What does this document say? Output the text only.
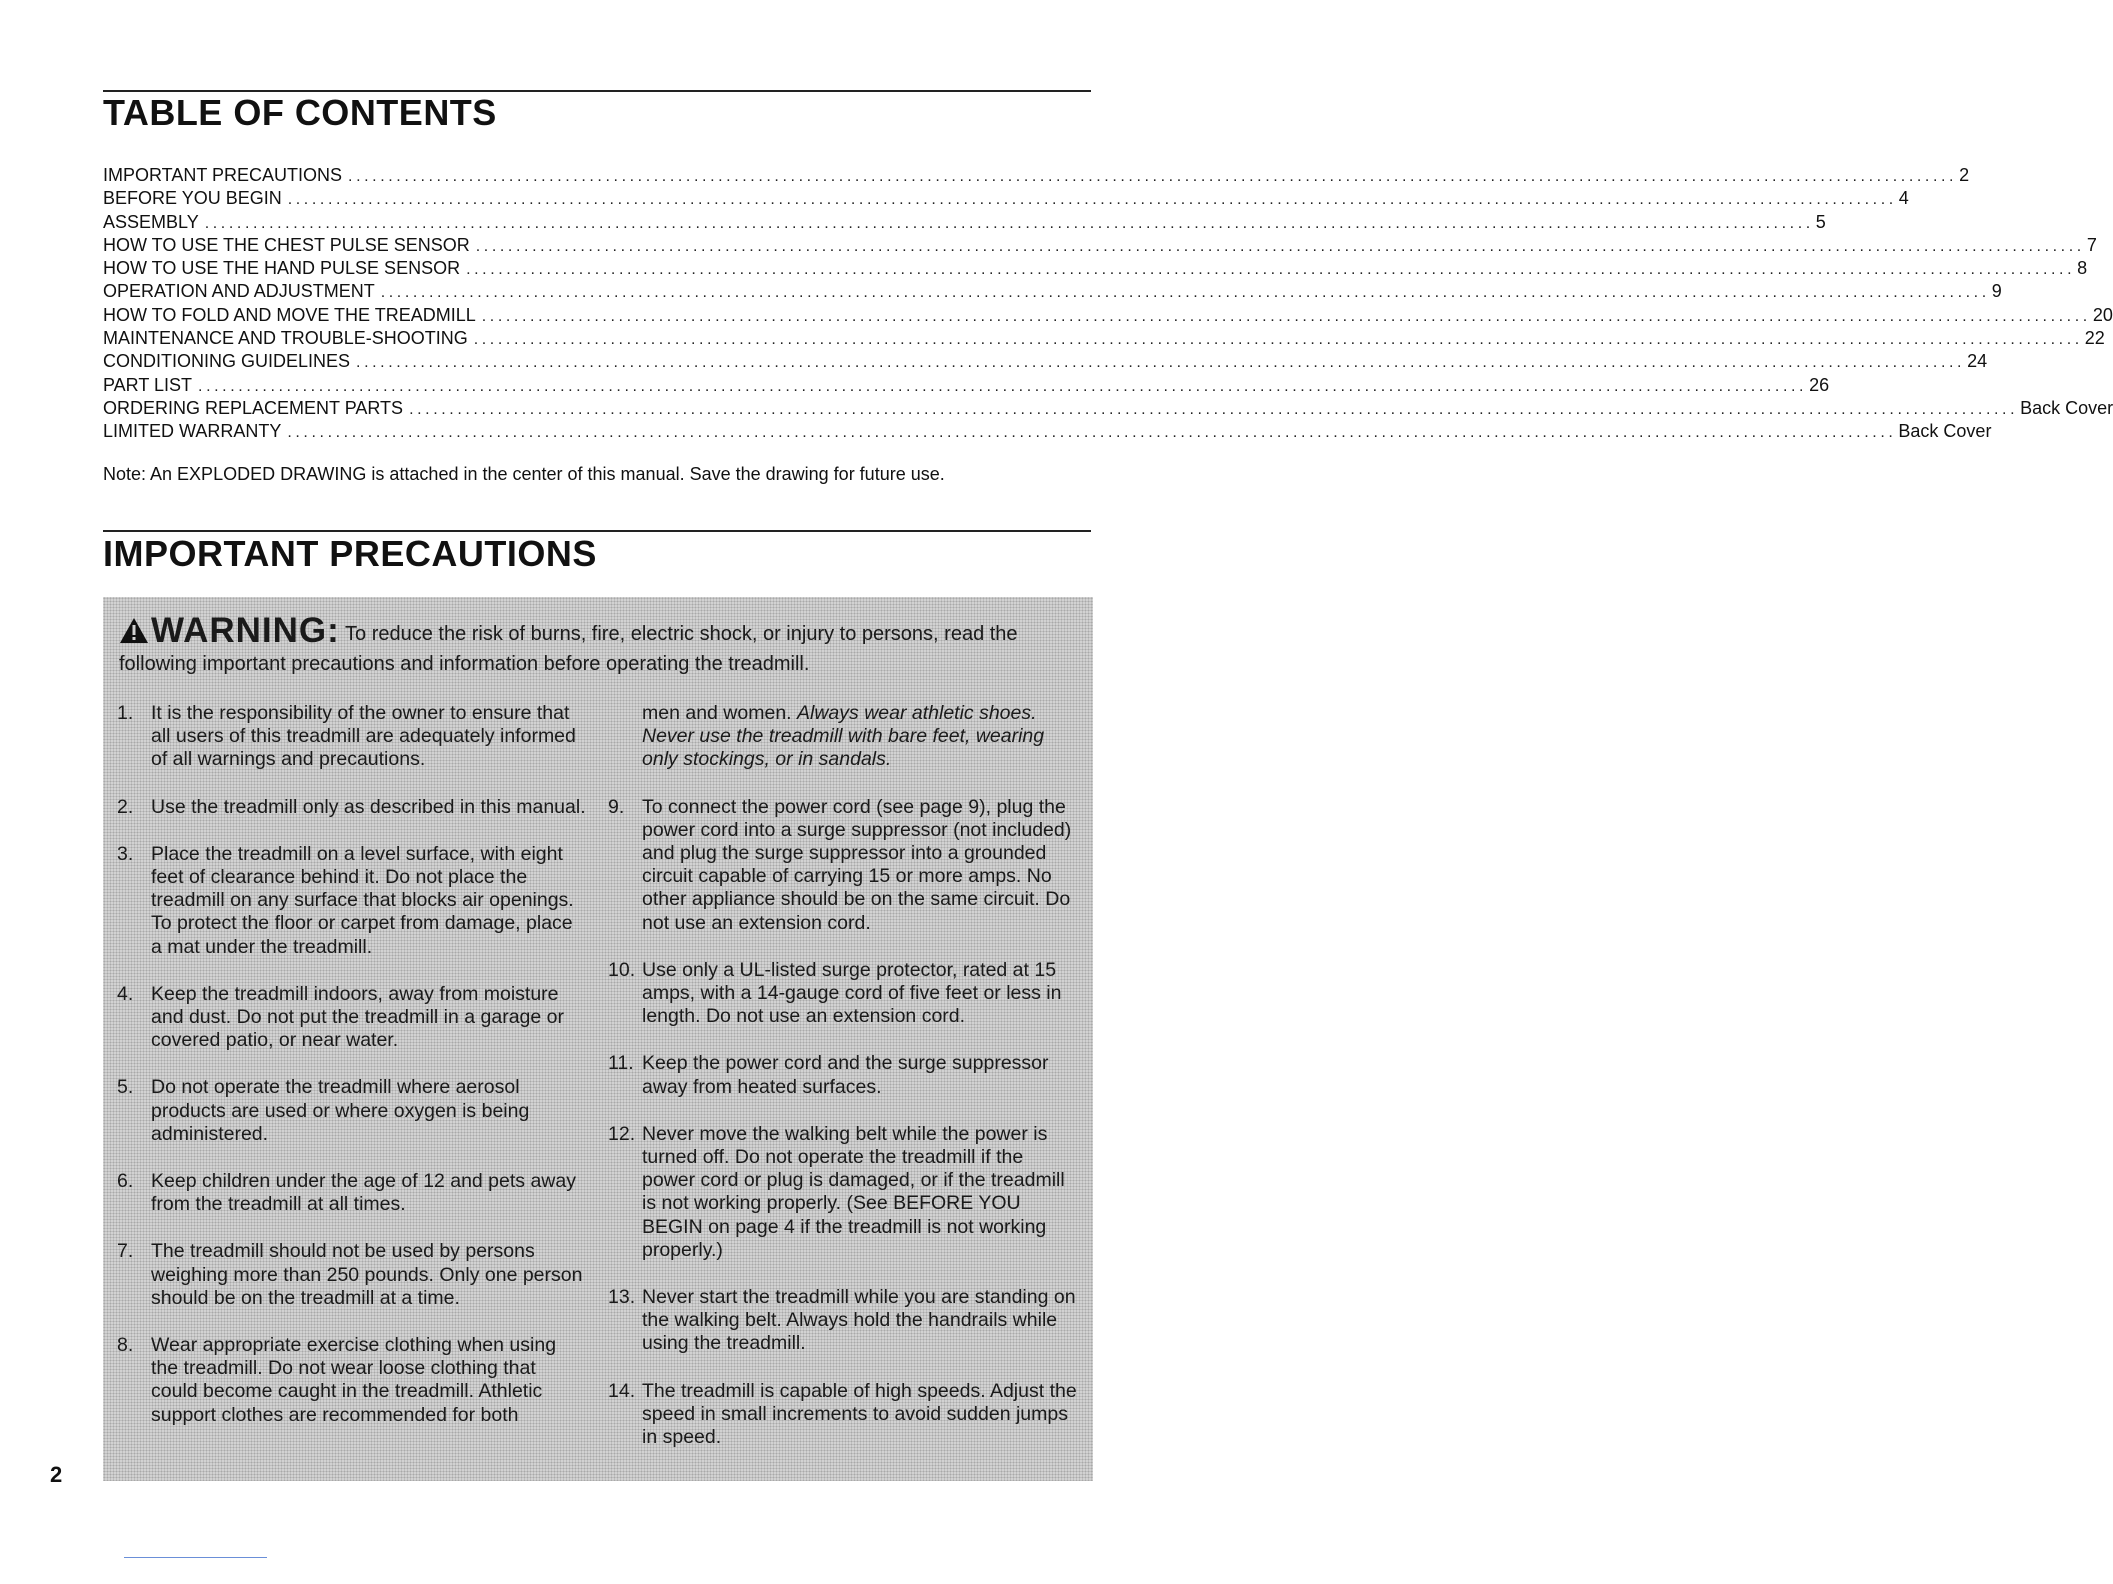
TABLE OF CONTENTS
IMPORTANT PRECAUTIONS ........................................................................................................................................................................................................ 2
BEFORE YOU BEGIN ........................................................................................................................................................................................................ 4
ASSEMBLY ........................................................................................................................................................................................................ 5
HOW TO USE THE CHEST PULSE SENSOR ........................................................................................................................................................................................................ 7
HOW TO USE THE HAND PULSE SENSOR ........................................................................................................................................................................................................ 8
OPERATION AND ADJUSTMENT ........................................................................................................................................................................................................ 9
HOW TO FOLD AND MOVE THE TREADMILL ........................................................................................................................................................................................................ 20
MAINTENANCE AND TROUBLE-SHOOTING ........................................................................................................................................................................................................ 22
CONDITIONING GUIDELINES ........................................................................................................................................................................................................ 24
PART LIST ........................................................................................................................................................................................................ 26
ORDERING REPLACEMENT PARTS ........................................................................................................................................................................................................ Back Cover
LIMITED WARRANTY ........................................................................................................................................................................................................ Back Cover
Note: An EXPLODED DRAWING is attached in the center of this manual. Save the drawing for future use.
IMPORTANT PRECAUTIONS
WARNING: To reduce the risk of burns, fire, electric shock, or injury to persons, read the following important precautions and information before operating the treadmill.
1. It is the responsibility of the owner to ensure that all users of this treadmill are adequately informed of all warnings and precautions.
2. Use the treadmill only as described in this manual.
3. Place the treadmill on a level surface, with eight feet of clearance behind it. Do not place the treadmill on any surface that blocks air openings. To protect the floor or carpet from damage, place a mat under the treadmill.
4. Keep the treadmill indoors, away from moisture and dust. Do not put the treadmill in a garage or covered patio, or near water.
5. Do not operate the treadmill where aerosol products are used or where oxygen is being administered.
6. Keep children under the age of 12 and pets away from the treadmill at all times.
7. The treadmill should not be used by persons weighing more than 250 pounds. Only one person should be on the treadmill at a time.
8. Wear appropriate exercise clothing when using the treadmill. Do not wear loose clothing that could become caught in the treadmill. Athletic support clothes are recommended for both
men and women. Always wear athletic shoes. Never use the treadmill with bare feet, wearing only stockings, or in sandals.
9. To connect the power cord (see page 9), plug the power cord into a surge suppressor (not included) and plug the surge suppressor into a grounded circuit capable of carrying 15 or more amps. No other appliance should be on the same circuit. Do not use an extension cord.
10. Use only a UL-listed surge protector, rated at 15 amps, with a 14-gauge cord of five feet or less in length. Do not use an extension cord.
11. Keep the power cord and the surge suppressor away from heated surfaces.
12. Never move the walking belt while the power is turned off. Do not operate the treadmill if the power cord or plug is damaged, or if the treadmill is not working properly. (See BEFORE YOU BEGIN on page 4 if the treadmill is not working properly.)
13. Never start the treadmill while you are standing on the walking belt. Always hold the handrails while using the treadmill.
14. The treadmill is capable of high speeds. Adjust the speed in small increments to avoid sudden jumps in speed.
2
